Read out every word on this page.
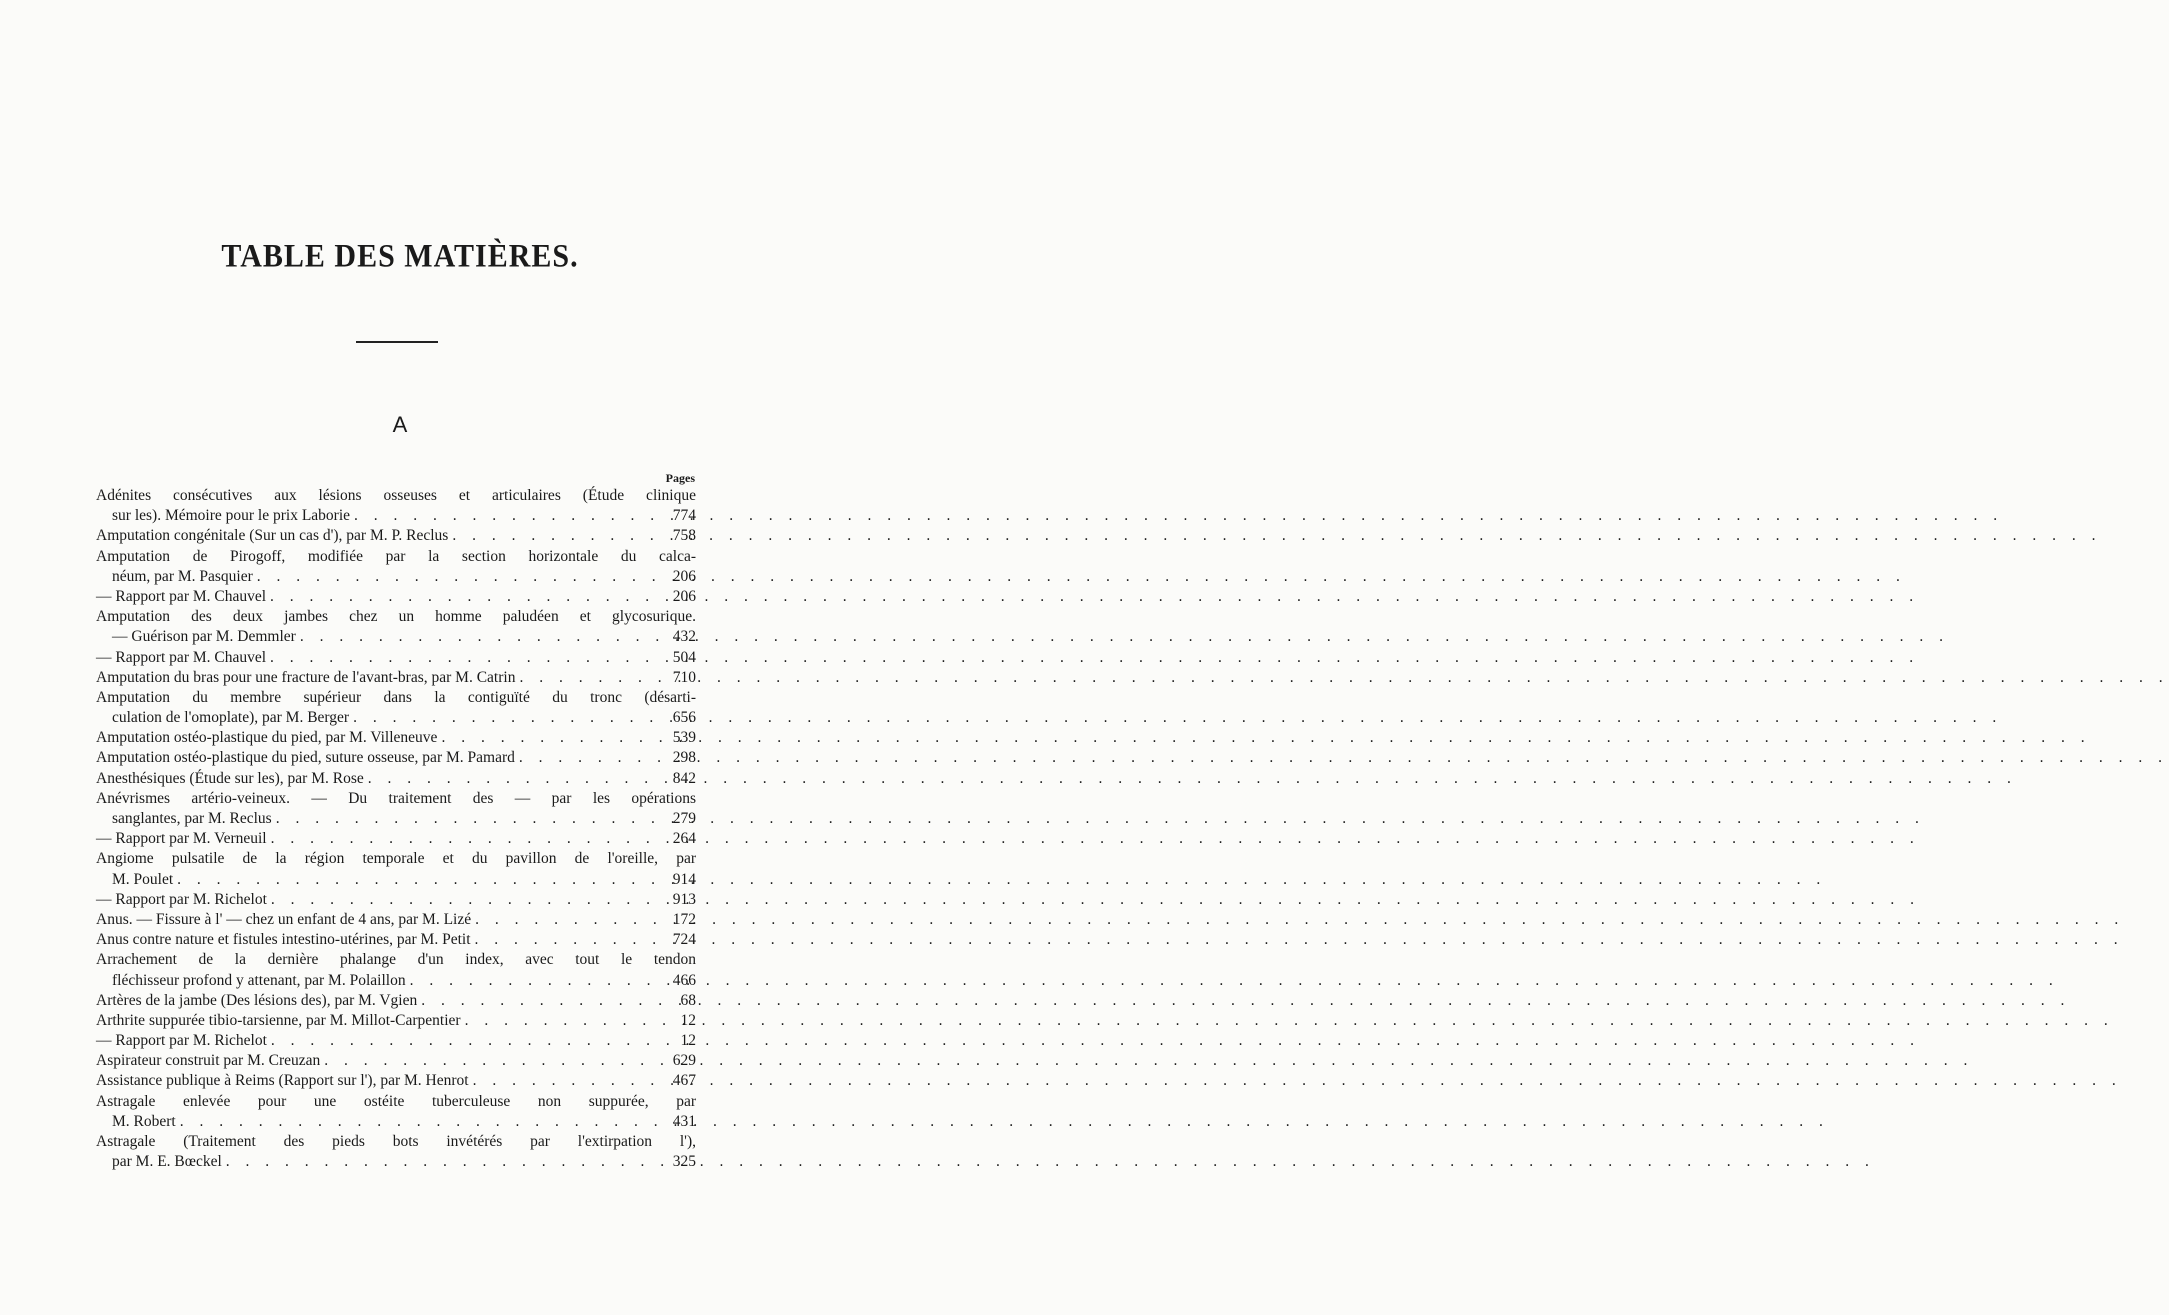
TABLE DES MATIÈRES.
A
Pages
Adénites consécutives aux lésions osseuses et articulaires (Étude clinique
sur les). Mémoire pour le prix Laborie . . .	774
Amputation congénitale (Sur un cas d'), par M. P. Reclus . . .	758
Amputation de Pirogoff, modifiée par la section horizontale du calca-
néum, par M. Pasquier . . .	206
— Rapport par M. Chauvel . . .	206
Amputation des deux jambes chez un homme paludéen et glycosurique.
— Guérison par M. Demmler . . .	432
— Rapport par M. Chauvel . . .	504
Amputation du bras pour une fracture de l'avant-bras, par M. Catrin . . .	710
Amputation du membre supérieur dans la contiguïté du tronc (désarti-
culation de l'omoplate), par M. Berger . . .	656
Amputation ostéo-plastique du pied, par M. Villeneuve . . .	539
Amputation ostéo-plastique du pied, suture osseuse, par M. Pamard . . .	298
Anesthésiques (Étude sur les), par M. Rose . . .	842
Anévrismes artério-veineux. — Du traitement des — par les opérations
sanglantes, par M. Reclus . . .	279
— Rapport par M. Verneuil . . .	264
Angiome pulsatile de la région temporale et du pavillon de l'oreille, par
M. Poulet . . .	914
— Rapport par M. Richelot . . .	913
Anus. — Fissure à l' — chez un enfant de 4 ans, par M. Lizé . . .	172
Anus contre nature et fistules intestino-utérines, par M. Petit . . .	724
Arrachement de la dernière phalange d'un index, avec tout le tendon
fléchisseur profond y attenant, par M. Polaillon . . .	466
Artères de la jambe (Des lésions des), par M. Vgien . . .	68
Arthrite suppurée tibio-tarsienne, par M. Millot-Carpentier . . .	12
— Rapport par M. Richelot . . .	12
Aspirateur construit par M. Creuzan . . .	629
Assistance publique à Reims (Rapport sur l'), par M. Henrot . . .	467
Astragale enlevée pour une ostéite tuberculeuse non suppurée, par
M. Robert . . .	431
Astragale (Traitement des pieds bots invétérés par l'extirpation l'),
par M. E. Bœckel . . .	325
